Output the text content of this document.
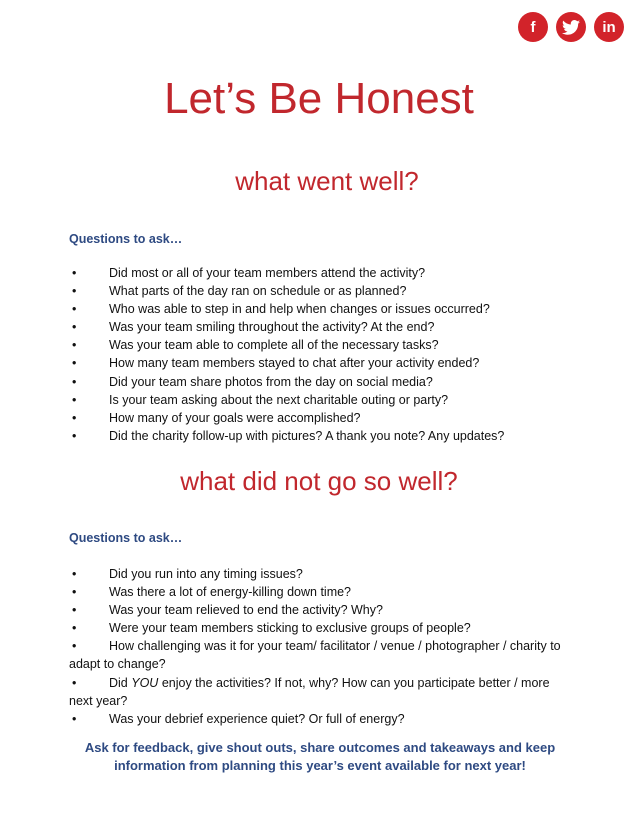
f	in
Let’s Be Honest
what went well?
Questions to ask…
•	Did most or all of your team members attend the activity?
•	What parts of the day ran on schedule or as planned?
•	Who was able to step in and help when changes or issues occurred?
•	Was your team smiling throughout the activity? At the end?
•	Was your team able to complete all of the necessary tasks?
•	How many team members stayed to chat after your activity ended?
•	Did your team share photos from the day on social media?
•	Is your team asking about the next charitable outing or party?
•	How many of your goals were accomplished?
•	Did the charity follow-up with pictures? A thank you note? Any updates?
what did not go so well?
Questions to ask…
•	Did you run into any timing issues?
•	Was there a lot of energy-killing down time?
•	Was your team relieved to end the activity? Why?
•	Were your team members sticking to exclusive groups of people?
•	How challenging was it for your team/ facilitator / venue / photographer / charity to adapt to change?
•	Did YOU enjoy the activities? If not, why? How can you participate better / more next year?
•	Was your debrief experience quiet? Or full of energy?
Ask for feedback, give shout outs, share outcomes and takeaways and keep information from planning this year’s event available for next year!
